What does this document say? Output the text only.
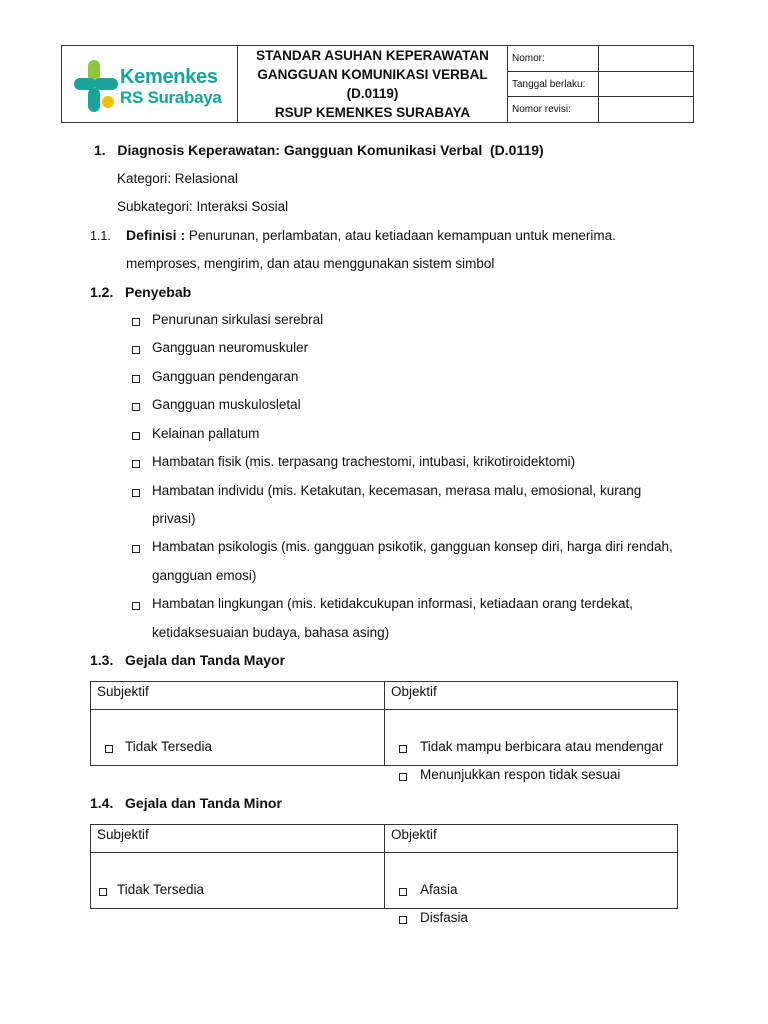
Kemenkes
RS Surabaya
STANDAR ASUHAN KEPERAWATAN
GANGGUAN KOMUNIKASI VERBAL
(D.0119)
RSUP KEMENKES SURABAYA
Nomor:
Tanggal berlaku:
Nomor revisi:
1.   Diagnosis Keperawatan: Gangguan Komunikasi Verbal  (D.0119)
Kategori: Relasional
Subkategori: Interaksi Sosial
1.1. Definisi : Penurunan, perlambatan, atau ketiadaan kemampuan untuk menerima.
memproses, mengirim, dan atau menggunakan sistem simbol
1.2.   Penyebab
Penurunan sirkulasi serebral
Gangguan neuromuskuler
Gangguan pendengaran
Gangguan muskulosletal
Kelainan pallatum
Hambatan fisik (mis. terpasang trachestomi, intubasi, krikotiroidektomi)
Hambatan individu (mis. Ketakutan, kecemasan, merasa malu, emosional, kurang
privasi)
Hambatan psikologis (mis. gangguan psikotik, gangguan konsep diri, harga diri rendah,
gangguan emosi)
Hambatan lingkungan (mis. ketidakcukupan informasi, ketiadaan orang terdekat,
ketidaksesuaian budaya, bahasa asing)
1.3.   Gejala dan Tanda Mayor
Subjektif	Objektif

Tidak Tersedia	Tidak mampu berbicara atau mendengar
Menunjukkan respon tidak sesuai
1.4.   Gejala dan Tanda Minor
Subjektif	Objektif

Tidak Tersedia	Afasia
Disfasia
